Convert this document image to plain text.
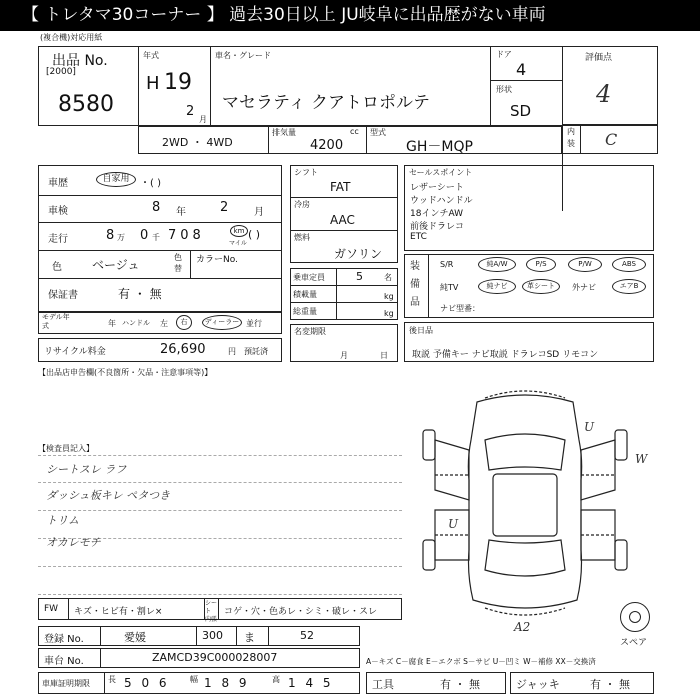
【 トレタマ30コーナー 】 過去30日以上 JU岐阜に出品歴がない車両
(複合機)対応用紙
出品 No.
[2000]
8580
年式
H 19
2
月
車名・グレード
マセラティ クアトロポルテ
ドア
4
形状
SD
評価点
4
内装 C
2WD ・ 4WD
排気量	cc
4200
型式
GH－MQP
車歴	自家用	・( )
車検	8 年	2	月
走行	8 万 0 千 708	km
マイル
( )
色	ベージュ
色替
カラーNo.
保証書	有 ・ 無
モデル年式	年 ハンドル 左	右	ディーラー 並行
リサイクル料金	26,690	円 預託済
シフト
FAT
冷房
AAC
燃料
ガソリン
乗車定員	5	名
積載量	kg
総重量	kg
名変期限
月	日
セールスポイント
レザーシート
ウッドハンドル
18インチAW
前後ドラレコ
ETC
装備品
S/R	純A/W	P/S	P/W	ABS
純TV	純ナビ	革シート	外ナビ	エアB
ナビ型番：
後日品
取説 予備キー ナビ取説 ドラレコSD リモコン
【出品店申告欄(不良箇所・欠品・注意事項等)】
【検査員記入】
シートスレ ラフ
ダッシュ板キレ ペタつき
トリム
オカレモチ
A2
U
U
W
スペア
FW キズ・ヒビ有・割レ×
シート 内張
コゲ・穴・色あレ・シミ・破レ・スレ
登録 No.	愛媛	300 ま	52
車台 No.	ZAMCD39C000028007	A－キズ C－腐食 E－エクボ S－サビ U－凹ミ W－補修 XX－交換済
車庫証明期限 長 5 0 6	幅 1 8 9	高 1 4 5	工具	有 ・ 無	ジャッキ	有 ・ 無
